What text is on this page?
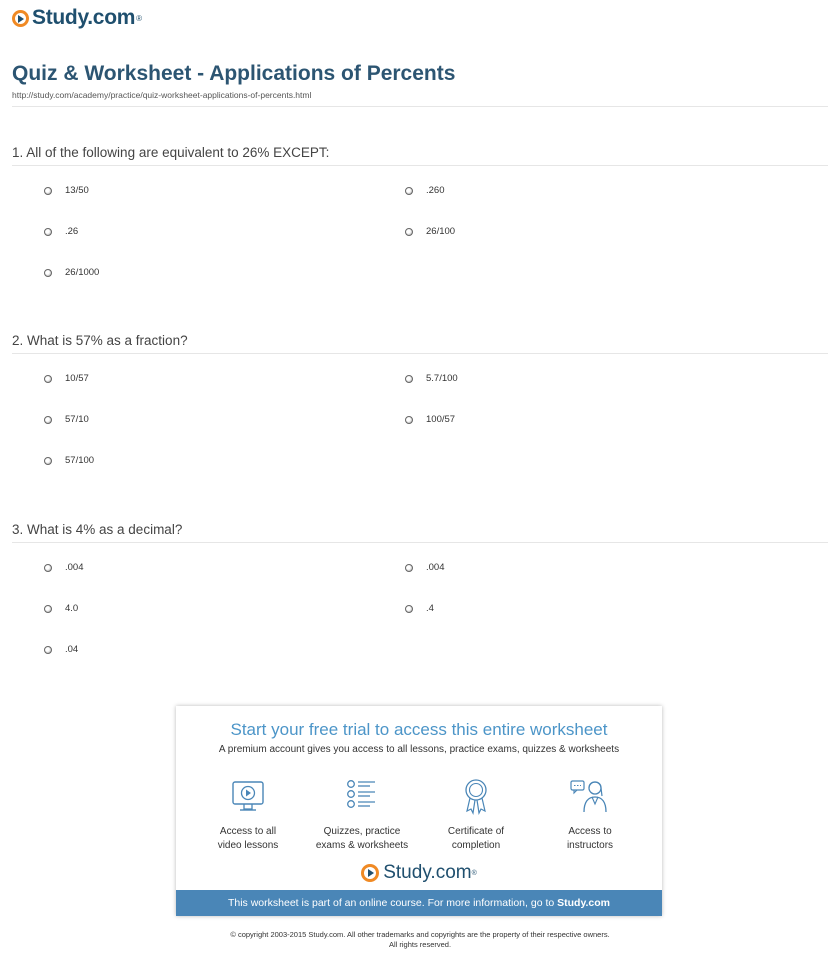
Study.com ®
Quiz & Worksheet - Applications of Percents
http://study.com/academy/practice/quiz-worksheet-applications-of-percents.html
1. All of the following are equivalent to 26% EXCEPT:
13/50	.260
.26	26/100
26/1000
2. What is 57% as a fraction?
10/57	5.7/100
57/10	100/57
57/100
3. What is 4% as a decimal?
.004	.004
4.0	.4
.04
Start your free trial to access this entire worksheet
A premium account gives you access to all lessons, practice exams, quizzes & worksheets
Access to all
video lessons
Quizzes, practice
exams & worksheets
Certificate of
completion
Access to
instructors
Study.com ®
This worksheet is part of an online course. For more information, go to Study.com
© copyright 2003-2015 Study.com. All other trademarks and copyrights are the property of their respective owners.
All rights reserved.
